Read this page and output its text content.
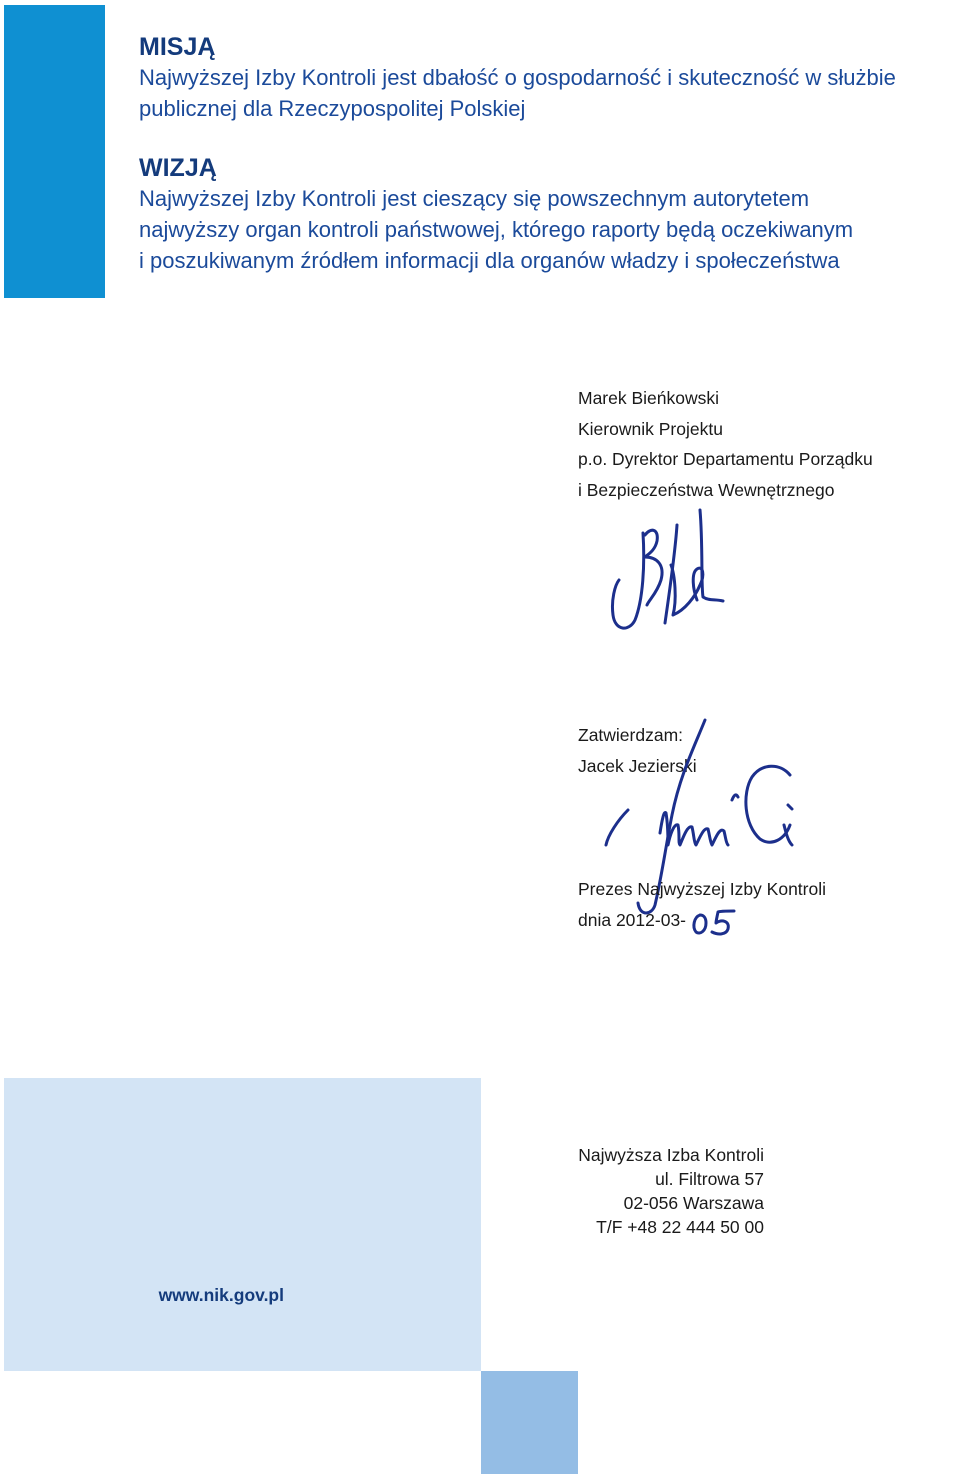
MISJĄ

Najwyższej Izby Kontroli jest dbałość o gospodarność i skuteczność w służbie

publicznej dla Rzeczypospolitej Polskiej

WIZJĄ

Najwyższej Izby Kontroli jest cieszący się powszechnym autorytetem

najwyższy organ kontroli państwowej, którego raporty będą oczekiwanym

i poszukiwanym źródłem informacji dla organów władzy i społeczeństwa

Marek Bieńkowski
Kierownik Projektu
p.o. Dyrektor Departamentu Porządku
i Bezpieczeństwa Wewnętrznego
Zatwierdzam:
Jacek Jezierski
Prezes Najwyższej Izby Kontroli
dnia 2012-03-
Najwyższa Izba Kontroli
ul. Filtrowa 57
02-056 Warszawa
T/F +48 22 444 50 00
www.nik.gov.pl
